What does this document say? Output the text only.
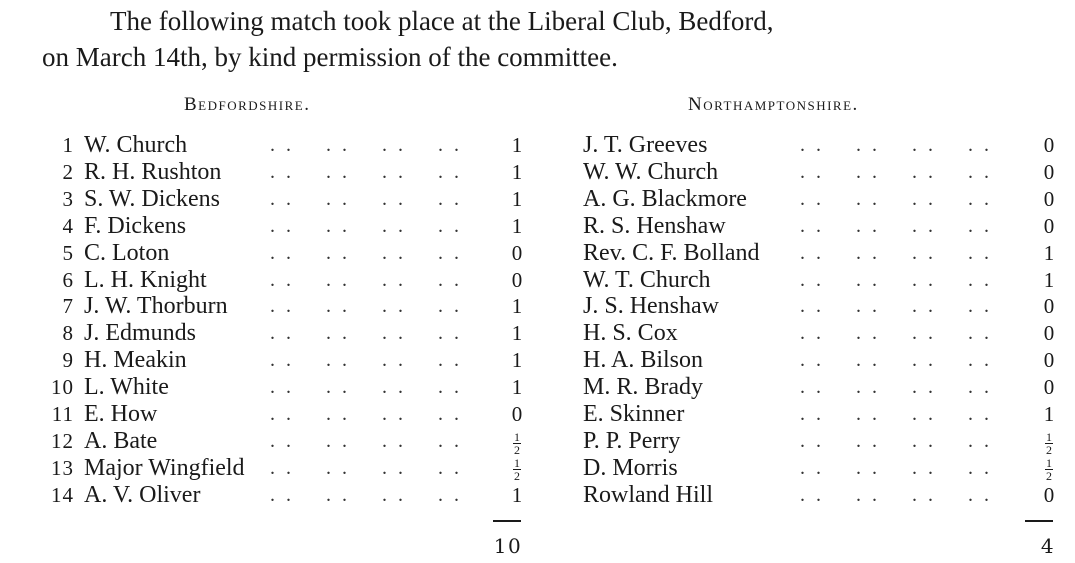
The following match took place at the Liberal Club, Bedford,
on March 14th, by kind permission of the committee.
Bedfordshire.
1 W. Church	. . . . . . . .	1
2 R. H. Rushton . . . . . . . .	1
3 S. W. Dickens . . . . . . . .	1
4 F. Dickens	. . . . . . . .	1
5 C. Loton	. . . . . . . .	0
6 L. H. Knight	. . . . . . . .	0
7 J. W. Thorburn . . . . . . . .	1
8 J. Edmunds	. . . . . . . .	1
9 H. Meakin	. . . . . . . .	1
10 L. White	. . . . . . . .	1
11 E. How	. . . . . . . .	0
12 A. Bate	. . . . . . . .	$\frac{1}{2}$
13 Major Wingfield . . . . . . . .	$\frac{1}{2}$
14 A. V. Oliver	. . . . . . . .	1
10
Northamptonshire.
J. T. Greeves	. . . . . . . .	0
W. W. Church	. . . . . . . .	0
A. G. Blackmore	. . . . . . . .	0
R. S. Henshaw	. . . . . . . .	0
Rev. C. F. Bolland . . . . . . . .	1
W. T. Church	. . . . . . . .	1
J. S. Henshaw	. . . . . . . .	0
H. S. Cox	. . . . . . . .	0
H. A. Bilson	. . . . . . . .	0
M. R. Brady	. . . . . . . .	0
E. Skinner	. . . . . . . .	1
P. P. Perry	. . . . . . . .	$\frac{1}{2}$
D. Morris	. . . . . . . .	$\frac{1}{2}$
Rowland Hill	. . . . . . . .	0
4
